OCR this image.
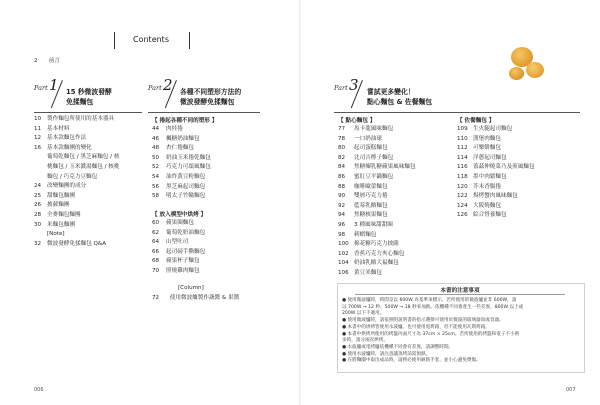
Contents
2 前言
Part 1 15 秒微波發酵
免揉麵包
10 製作麵包所使用的基本器具
11 基本材料
12 基本款麵包作法
16 基本款麵團的變化
葡萄乾麵包 / 黑芝麻麵包 / 核
桃麵包 / 玉米濃湯麵包 / 核桃
麵包 / 巧克力豆麵包
24 改變麵團的成分
25 甜麵包麵團
26 披薩麵團
28 全麥麵包麵團
30 米麵包麵團
[Note]
32 微波發酵免揉麵包 Q&A
Part 2 各種不同塑形方法的
微波發酵免揉麵包
【 捲起各種不同的塑形 】
44 肉桂捲
46 楓糖奶油麵包
48 杏仁捲麵包
50 奶油玉米捲乾麵包
52 巧克力可頌風麵包
54 油炸黃豆粉麵包
56 黑芝麻起司麵包
58 明太子竹輪麵包
【 放入模型中烘烤 】
60 蘋果圈麵包
62 葡萄乾奶油麵包
64 山型吐司
66 起司磅手撕麵包
68 蘋果杯子麵包
70 照燒雞肉麵包
[Column]
72 使用微波爐製作蔬醬 & 果醬
Part 3 嘗試更多變化！
點心麵包 & 佐餐麵包
【 點心麵包 】
77 馬卡龍風味麵包
78 一口奶油球
80 起司蛋糕麵包
82 比司吉檸子麵包
84 焦糖煉乳糖蘋果風味麵包
86 蜜紅豆平鍋麵包
88 咖啡歐蕾麵包
90 雙層巧克力捲
92 藍莓乳酪麵包
94 焦糖核果麵包
96 3 種風味甜甜圈
98 刺蝟麵包
100 棉花糖巧克力披薩
102 香蕉巧克力夾心麵包
104 奶油乳酪大福麵包
106 黃豆米麵包
【 佐餐麵包 】
109 生火腿起司麵包
110 漢堡肉麵包
112 可樂餅麵包
114 洋蔥起司麵包
116 蓋茲伸燒菜乃及煎風麵包
118 墨中肉鬆麵包
120 芥末香腸捲
122 焗烤蟹肉風味麵包
124 大阪燒麵包
126 綜合營養麵包
本書的注意事項
● 使用微波爐時，時間是以 600W 為基準來標示。若所使用的微波爐並非 600W，請
以 700W → 12 秒、500W → 18 秒來加熱。依機種不同會產生一些差異，800W 以上或
200W 以下不適用。
● 使用微波爐時，請依照附說明書的指示選擇可使用於微波的玻璃器皿或容器。
● 本書中的烘烤皆使用水波爐。也可使用電烤箱，但不能使用瓦斯烤箱。
● 本書中烘烤所使用的烤盤內面尺寸為 37cm × 25cm。若所使用的烤盤和電子不小則
多時，請分兩次烘烤。
● 水波爐或電烤爐依機種不同會有差異，請調整時間。
● 使用水波爐時，請注意讓蒸烤前需預熱。
● 在將麵團中取出成品時，請務必使用耐熱手套，並小心避免燙傷。
006	007
